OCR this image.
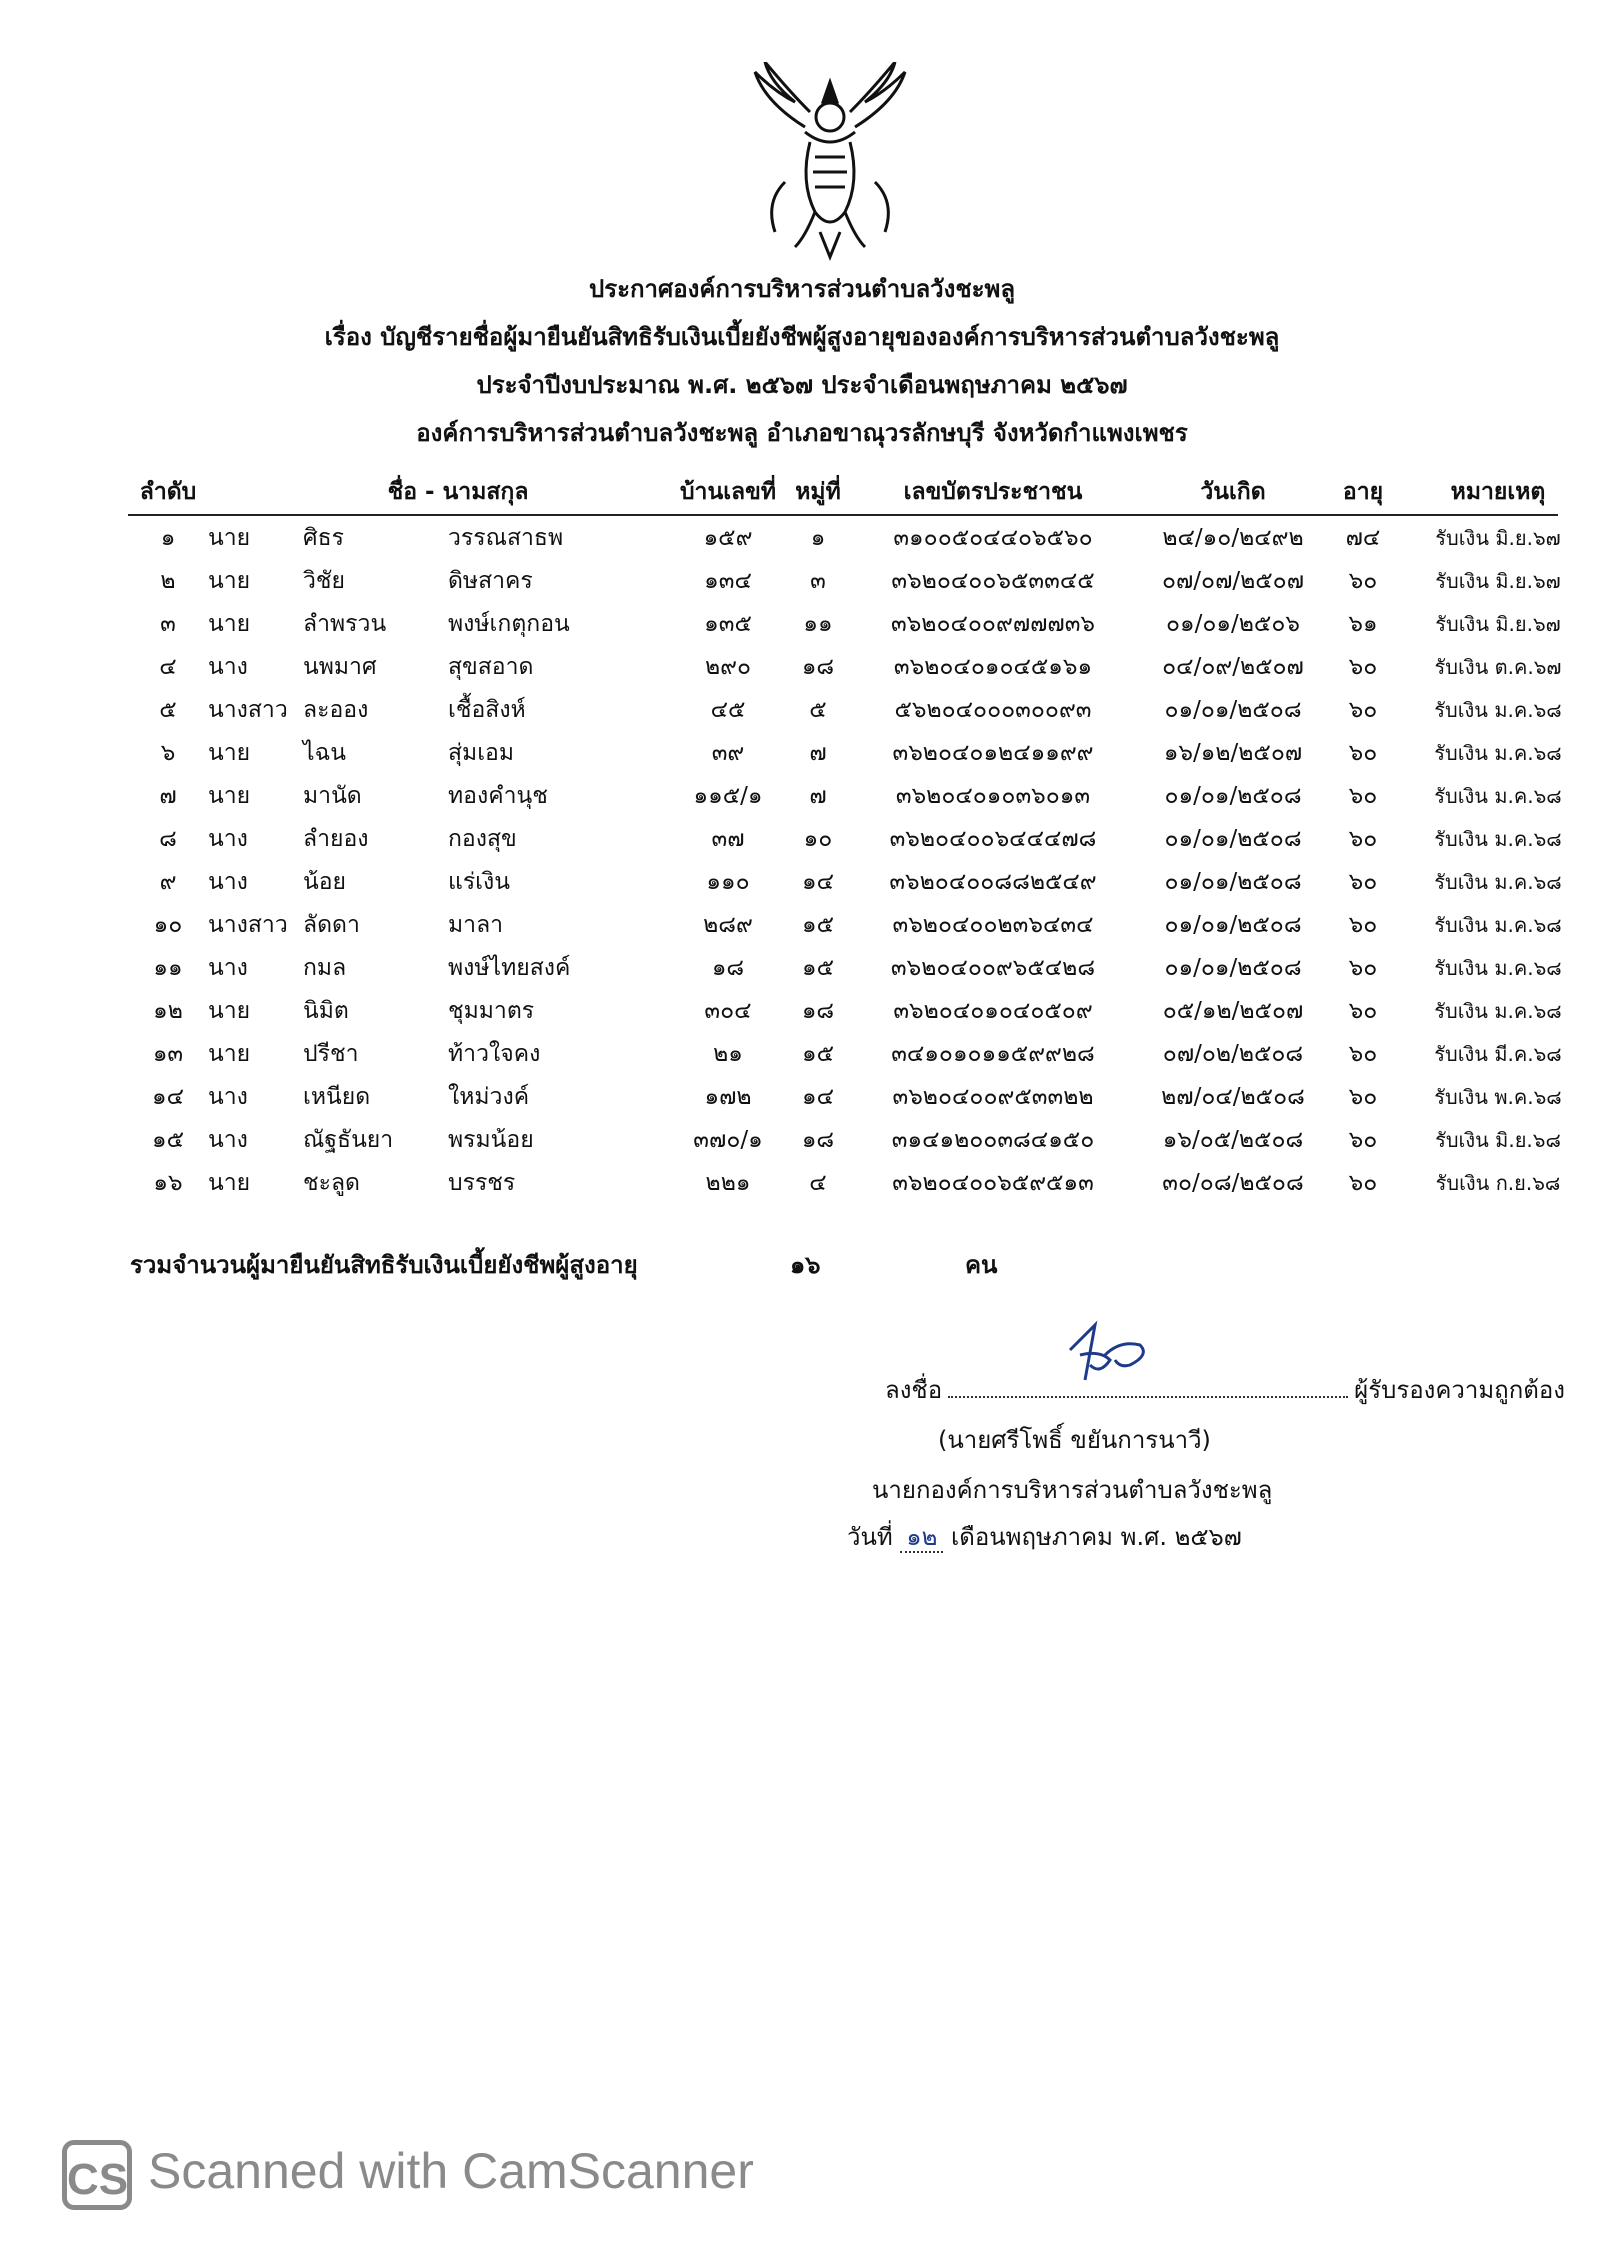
ประกาศองค์การบริหารส่วนตำบลวังชะพลู
เรื่อง บัญชีรายชื่อผู้มายืนยันสิทธิรับเงินเบี้ยยังชีพผู้สูงอายุขององค์การบริหารส่วนตำบลวังชะพลู
ประจำปีงบประมาณ พ.ศ. ๒๕๖๗ ประจำเดือนพฤษภาคม ๒๕๖๗
องค์การบริหารส่วนตำบลวังชะพลู อำเภอขาณุวรลักษบุรี จังหวัดกำแพงเพชร
ลำดับ	ชื่อ - นามสกุล	บ้านเลขที่ หมู่ที่	เลขบัตรประชาชน	วันเกิด	อายุ	หมายเหตุ
๑	นาย	ศิธร	วรรณสาธพ	๑๕๙	๑	๓๑๐๐๕๐๔๔๐๖๕๖๐	๒๔/๑๐/๒๔๙๒	๗๔	รับเงิน มิ.ย.๖๗
๒	นาย	วิชัย	ดิษสาคร	๑๓๔	๓	๓๖๒๐๔๐๐๖๕๓๓๔๕	๐๗/๐๗/๒๕๐๗	๖๐	รับเงิน มิ.ย.๖๗
๓	นาย	ลำพรวน	พงษ์เกตุกอน	๑๓๕	๑๑	๓๖๒๐๔๐๐๙๗๗๗๓๖	๐๑/๐๑/๒๕๐๖	๖๑	รับเงิน มิ.ย.๖๗
๔	นาง	นพมาศ	สุขสอาด	๒๙๐	๑๘	๓๖๒๐๔๐๑๐๔๕๑๖๑	๐๔/๐๙/๒๕๐๗	๖๐	รับเงิน ต.ค.๖๗
๕	นางสาว ละออง	เชื้อสิงห์	๔๕	๕	๕๖๒๐๔๐๐๐๓๐๐๙๓	๐๑/๐๑/๒๕๐๘	๖๐	รับเงิน ม.ค.๖๘
๖	นาย	ไฉน	สุ่มเอม	๓๙	๗	๓๖๒๐๔๐๑๒๔๑๑๙๙	๑๖/๑๒/๒๕๐๗	๖๐	รับเงิน ม.ค.๖๘
๗	นาย	มานัด	ทองคำนุช	๑๑๕/๑	๗	๓๖๒๐๔๐๑๐๓๖๐๑๓	๐๑/๐๑/๒๕๐๘	๖๐	รับเงิน ม.ค.๖๘
๘	นาง	ลำยอง	กองสุข	๓๗	๑๐	๓๖๒๐๔๐๐๖๔๔๔๗๘	๐๑/๐๑/๒๕๐๘	๖๐	รับเงิน ม.ค.๖๘
๙	นาง	น้อย	แร่เงิน	๑๑๐	๑๔	๓๖๒๐๔๐๐๘๘๒๕๔๙	๐๑/๐๑/๒๕๐๘	๖๐	รับเงิน ม.ค.๖๘
๑๐	นางสาว ลัดดา	มาลา	๒๘๙	๑๕	๓๖๒๐๔๐๐๒๓๖๔๓๔	๐๑/๐๑/๒๕๐๘	๖๐	รับเงิน ม.ค.๖๘
๑๑	นาง	กมล	พงษ์ไทยสงค์	๑๘	๑๕	๓๖๒๐๔๐๐๙๖๕๔๒๘	๐๑/๐๑/๒๕๐๘	๖๐	รับเงิน ม.ค.๖๘
๑๒	นาย	นิมิต	ชุมมาตร	๓๐๔	๑๘	๓๖๒๐๔๐๑๐๔๐๕๐๙	๐๕/๑๒/๒๕๐๗	๖๐	รับเงิน ม.ค.๖๘
๑๓	นาย	ปรีชา	ท้าวใจคง	๒๑	๑๕	๓๔๑๐๑๐๑๑๕๙๙๒๘	๐๗/๐๒/๒๕๐๘	๖๐	รับเงิน มี.ค.๖๘
๑๔	นาง	เหนียด	ใหม่วงค์	๑๗๒	๑๔	๓๖๒๐๔๐๐๙๕๓๓๒๒	๒๗/๐๔/๒๕๐๘	๖๐	รับเงิน พ.ค.๖๘
๑๕	นาง	ณัฐธันยา	พรมน้อย	๓๗๐/๑	๑๘	๓๑๔๑๒๐๐๓๘๔๑๕๐	๑๖/๐๕/๒๕๐๘	๖๐	รับเงิน มิ.ย.๖๘
๑๖	นาย	ชะลูด	บรรชร	๒๒๑	๔	๓๖๒๐๔๐๐๖๕๙๕๑๓	๓๐/๐๘/๒๕๐๘	๖๐	รับเงิน ก.ย.๖๘
รวมจำนวนผู้มายืนยันสิทธิรับเงินเบี้ยยังชีพผู้สูงอายุ	๑๖	คน
ลงชื่อ	ผู้รับรองความถูกต้อง
(นายศรีโพธิ์ ขยันการนาวี)
นายกองค์การบริหารส่วนตำบลวังชะพลู
วันที่ ๑๒ เดือนพฤษภาคม พ.ศ. ๒๕๖๗
CS Scanned with CamScanner
